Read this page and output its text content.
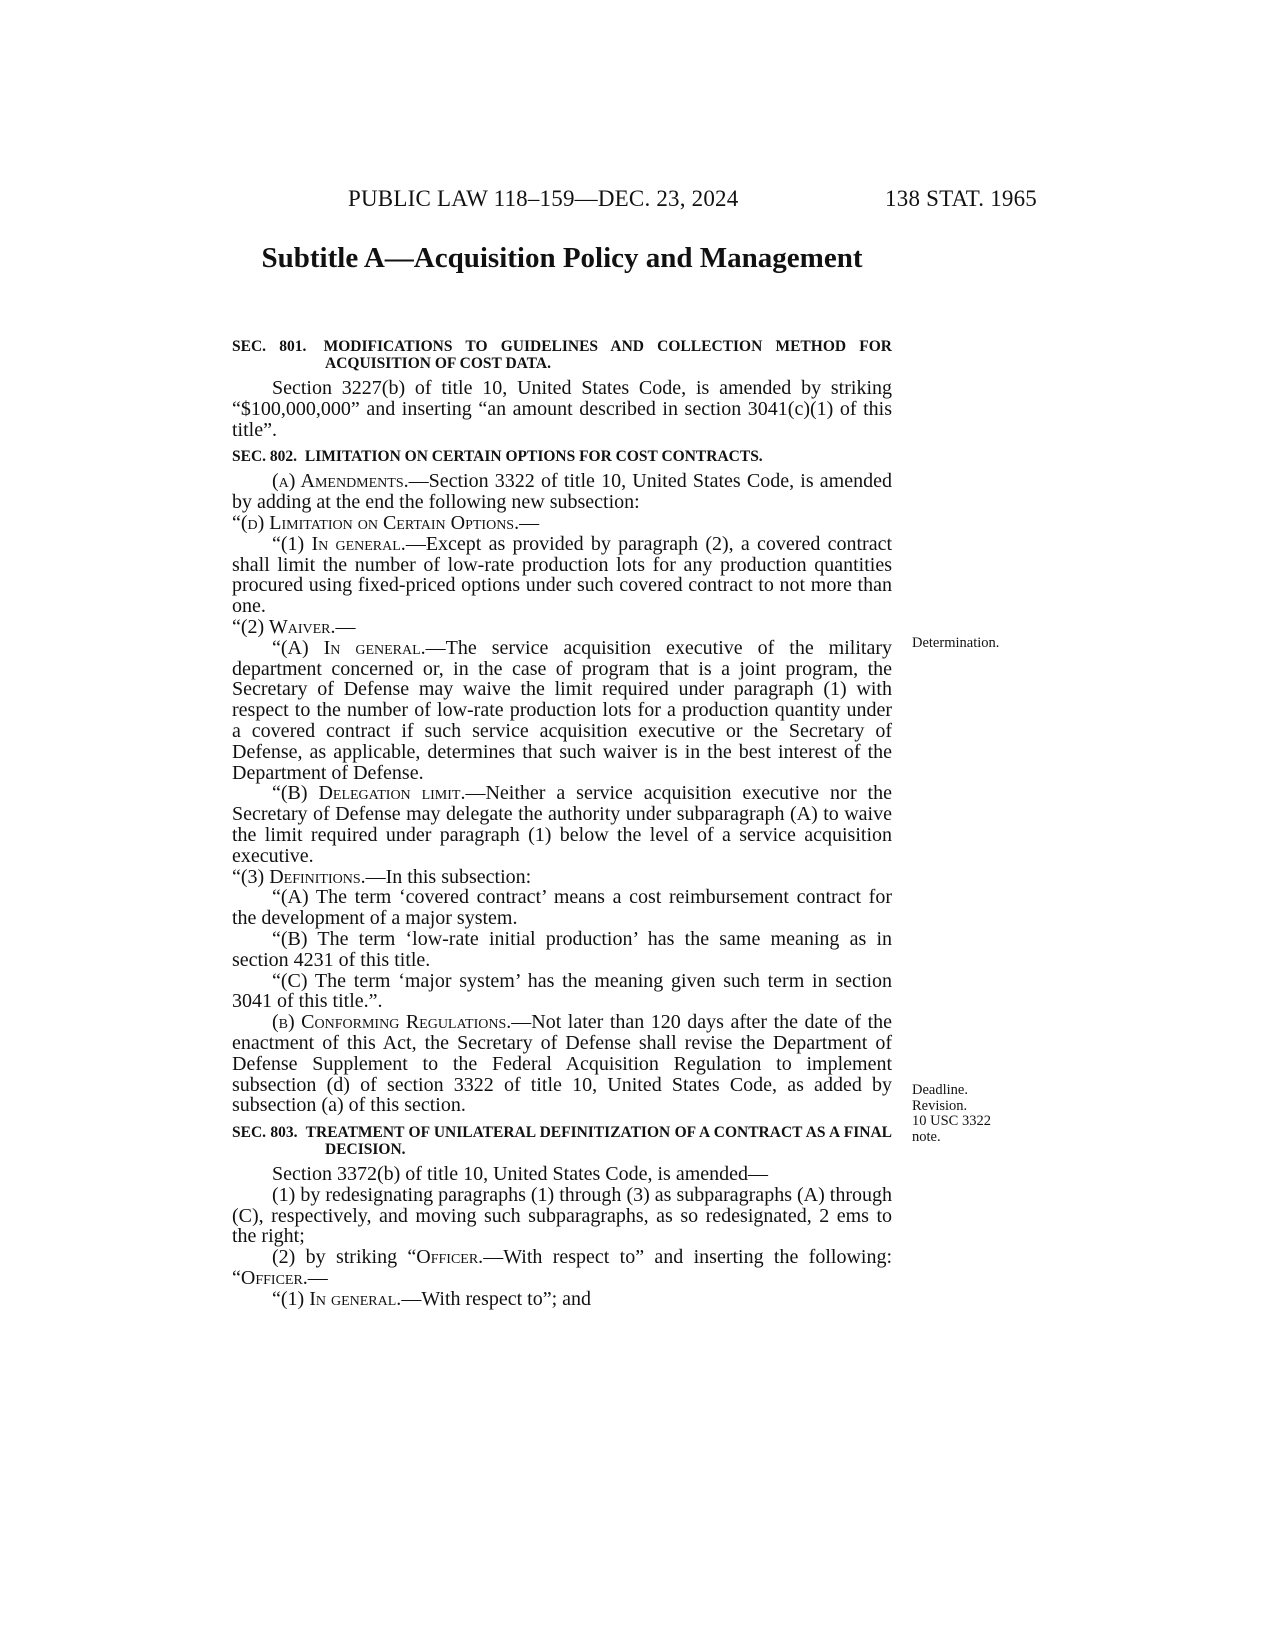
PUBLIC LAW 118–159—DEC. 23, 2024	138 STAT. 1965
Subtitle A—Acquisition Policy and Management
SEC. 801. MODIFICATIONS TO GUIDELINES AND COLLECTION METHOD FOR ACQUISITION OF COST DATA.

Section 3227(b) of title 10, United States Code, is amended by striking “$100,000,000” and inserting “an amount described in section 3041(c)(1) of this title”.

SEC. 802. LIMITATION ON CERTAIN OPTIONS FOR COST CONTRACTS.

(a) Amendments.—Section 3322 of title 10, United States Code, is amended by adding at the end the following new subsection:

“(d) Limitation on Certain Options.—

“(1) In general.—Except as provided by paragraph (2), a covered contract shall limit the number of low-rate production lots for any production quantities procured using fixed-priced options under such covered contract to not more than one.

“(2) Waiver.—

“(A) In general.—The service acquisition executive of the military department concerned or, in the case of program that is a joint program, the Secretary of Defense may waive the limit required under paragraph (1) with respect to the number of low-rate production lots for a production quantity under a covered contract if such service acquisition executive or the Secretary of Defense, as applicable, determines that such waiver is in the best interest of the Department of Defense.

“(B) Delegation limit.—Neither a service acquisition executive nor the Secretary of Defense may delegate the authority under subparagraph (A) to waive the limit required under paragraph (1) below the level of a service acquisition executive.

“(3) Definitions.—In this subsection:

“(A) The term ‘covered contract’ means a cost reimbursement contract for the development of a major system.

“(B) The term ‘low-rate initial production’ has the same meaning as in section 4231 of this title.

“(C) The term ‘major system’ has the meaning given such term in section 3041 of this title.”.

(b) Conforming Regulations.—Not later than 120 days after the date of the enactment of this Act, the Secretary of Defense shall revise the Department of Defense Supplement to the Federal Acquisition Regulation to implement subsection (d) of section 3322 of title 10, United States Code, as added by subsection (a) of this section.

SEC. 803. TREATMENT OF UNILATERAL DEFINITIZATION OF A CONTRACT AS A FINAL DECISION.

Section 3372(b) of title 10, United States Code, is amended—

(1) by redesignating paragraphs (1) through (3) as subparagraphs (A) through (C), respectively, and moving such subparagraphs, as so redesignated, 2 ems to the right;

(2) by striking “Officer.—With respect to” and inserting the following: “Officer.—

“(1) In general.—With respect to”; and

Determination.
Deadline.
Revision.
10 USC 3322
note.
